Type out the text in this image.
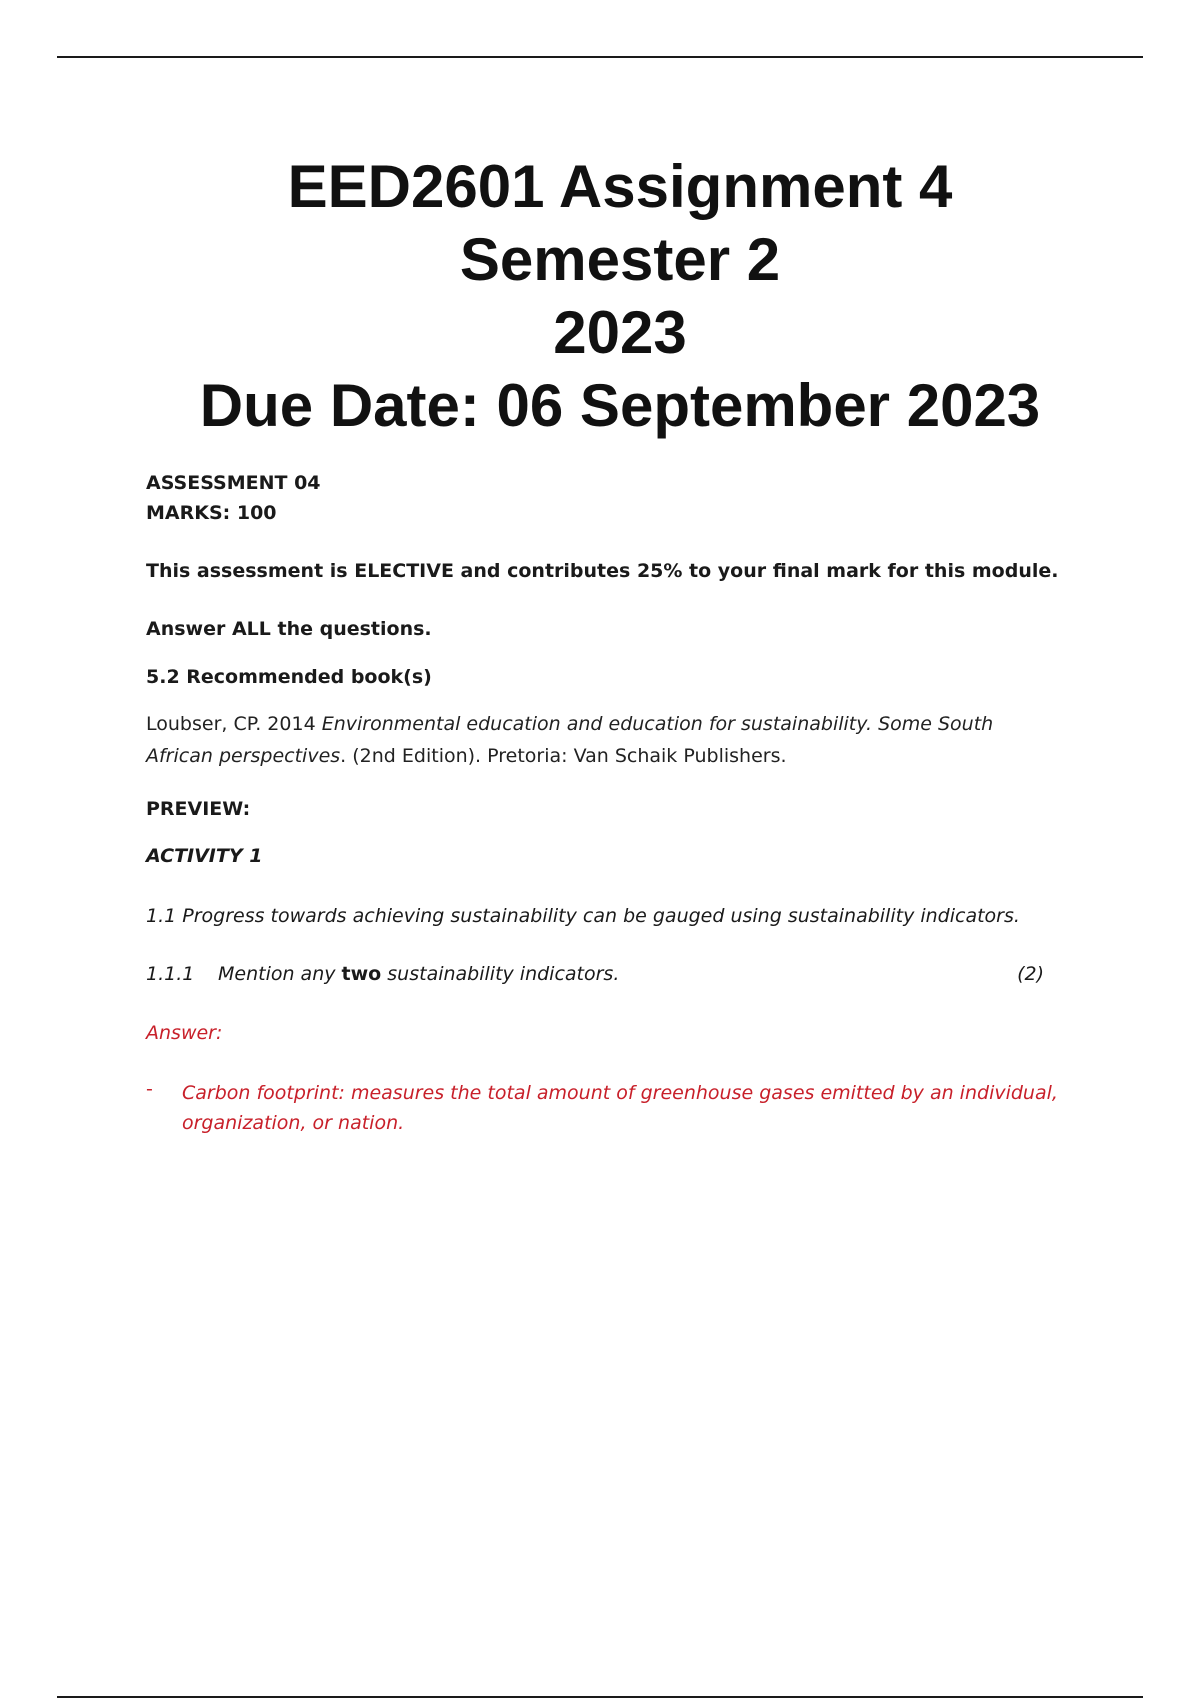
EED2601 Assignment 4
Semester 2
2023
Due Date: 06 September 2023
ASSESSMENT 04
MARKS: 100
This assessment is ELECTIVE and contributes 25% to your final mark for this module.
Answer ALL the questions.
5.2 Recommended book(s)
Loubser, CP. 2014 Environmental education and education for sustainability. Some South African perspectives. (2nd Edition). Pretoria: Van Schaik Publishers.
PREVIEW:
ACTIVITY 1
1.1 Progress towards achieving sustainability can be gauged using sustainability indicators.
1.1.1 Mention any two sustainability indicators.	(2)
Answer:
- Carbon footprint: measures the total amount of greenhouse gases emitted by an individual, organization, or nation.
